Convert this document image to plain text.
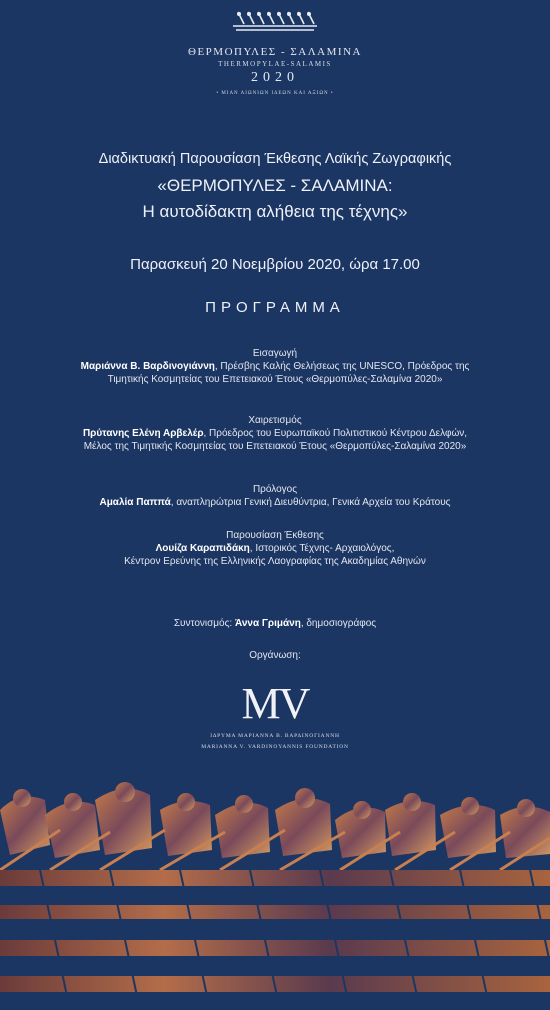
ΘΕΡΜΟΠΥΛΕΣ - ΣΑΛΑΜΙΝΑ
THERMOPYLAE-SALAMIS
2020
• ΜΙΑΝ ΑΙΩΝΙΩΝ ΙΔΕΩΝ ΚΑΙ ΑΞΙΩΝ •
Διαδικτυακή Παρουσίαση Έκθεσης Λαϊκής Ζωγραφικής
«ΘΕΡΜΟΠΥΛΕΣ - ΣΑΛΑΜΙΝΑ:
Η αυτοδίδακτη αλήθεια της τέχνης»
Παρασκευή 20 Νοεμβρίου 2020, ώρα 17.00
ΠΡΟΓΡΑΜΜΑ
Εισαγωγή
Μαριάννα Β. Βαρδινογιάννη, Πρέσβης Καλής Θελήσεως της UNESCO, Πρόεδρος της
Τιμητικής Κοσμητείας του Επετειακού Έτους «Θερμοπύλες-Σαλαμίνα 2020»
Χαιρετισμός
Πρύτανης Ελένη Αρβελέρ, Πρόεδρος του Ευρωπαϊκού Πολιτιστικού Κέντρου Δελφών,
Μέλος της Τιμητικής Κοσμητείας του Επετειακού Έτους «Θερμοπύλες-Σαλαμίνα 2020»
Πρόλογος
Αμαλία Παππά, αναπληρώτρια Γενική Διευθύντρια, Γενικά Αρχεία του Κράτους
Παρουσίαση Έκθεσης
Λουίζα Καραπιδάκη, Ιστορικός Τέχνης- Αρχαιολόγος,
Κέντρον Ερεύνης της Ελληνικής Λαογραφίας της Ακαδημίας Αθηνών
Συντονισμός: Άννα Γριμάνη, δημοσιογράφος
Οργάνωση:
MV
ΙΔΡΥΜΑ ΜΑΡΙΑΝΝΑ Β. ΒΑΡΔΙΝΟΓΙΑΝΝΗ
MARIANNA V. VARDINOYANNIS FOUNDATION
